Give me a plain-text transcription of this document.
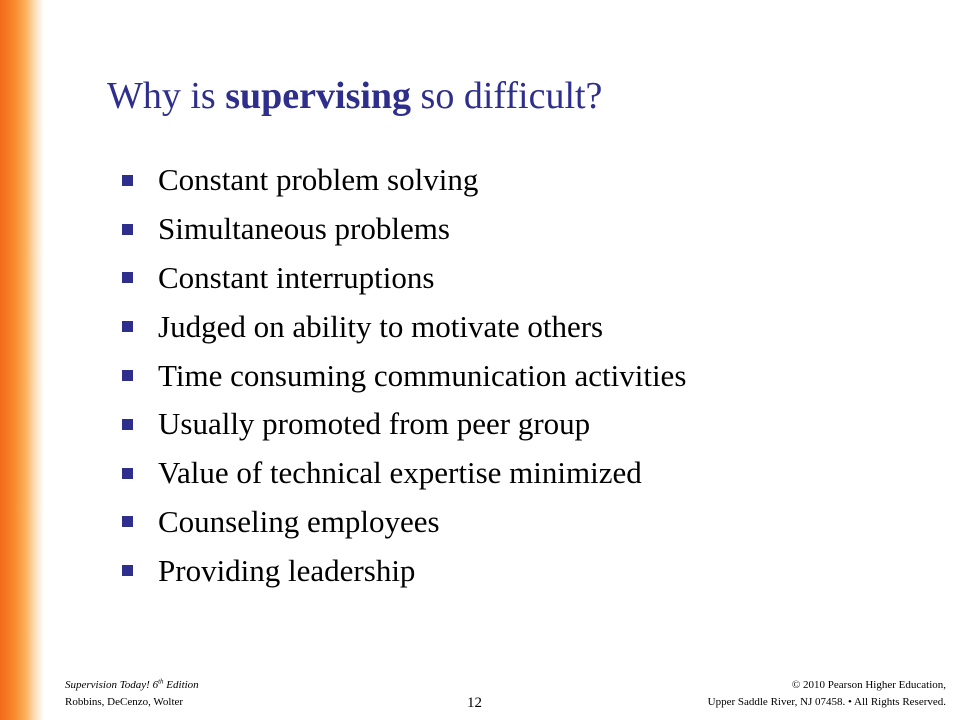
Why is supervising so difficult?
Constant problem solving
Simultaneous problems
Constant interruptions
Judged on ability to motivate others
Time consuming communication activities
Usually promoted from peer group
Value of technical expertise minimized
Counseling employees
Providing leadership
Supervision Today! 6th Edition
Robbins, DeCenzo, Wolter	12
© 2010 Pearson Higher Education,
Upper Saddle River, NJ 07458. • All Rights Reserved.
